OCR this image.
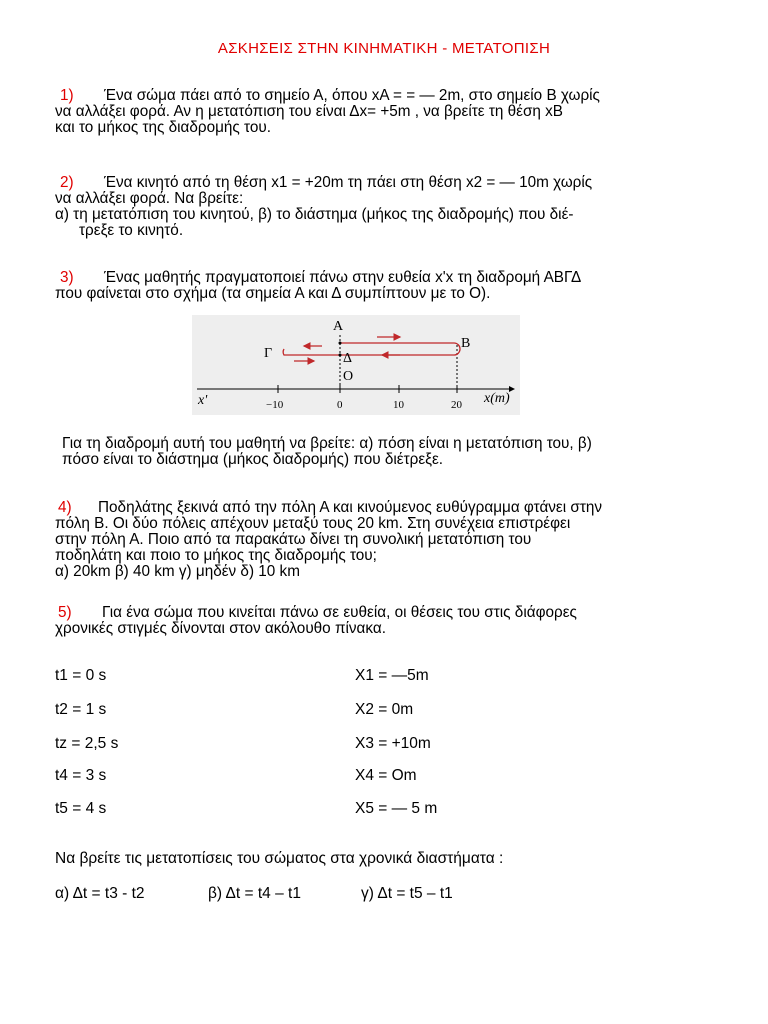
ΑΣΚΗΣΕΙΣ ΣΤΗΝ ΚΙΝΗΜΑΤΙΚΗ - ΜΕΤΑΤΟΠΙΣΗ
1) Ένα σώμα πάει από το σημείο Α, όπου xA = = — 2m, στο σημείο Β χωρίς
να αλλάξει φορά. Αν η μετατόπιση του είναι Δx= +5m , να βρείτε τη θέση xB
και το μήκος της διαδρομής του.
2) Ένα κινητό από τη θέση x1 = +20m τη πάει στη θέση x2 = — 10m χωρίς
να αλλάξει φορά. Να βρείτε:
α) τη μετατόπιση του κινητού, β) το διάστημα (μήκος της διαδρομής) που διέ-
τρεξε το κινητό.
3) Ένας μαθητής πραγματοποιεί πάνω στην ευθεία x'x τη διαδρομή ΑΒΓΔ
που φαίνεται στο σχήμα (τα σημεία Α και Δ συμπίπτουν με το Ο).
Α
Β
Γ	Δ
Ο
x'	x(m)
−10	0	10	20
Για τη διαδρομή αυτή του μαθητή να βρείτε: α) πόση είναι η μετατόπιση του, β)
πόσο είναι το διάστημα (μήκος διαδρομής) που διέτρεξε.
4) Ποδηλάτης ξεκινά από την πόλη Α και κινούμενος ευθύγραμμα φτάνει στην
πόλη Β. Οι δύο πόλεις απέχουν μεταξύ τους 20 km. Στη συνέχεια επιστρέφει
στην πόλη Α. Ποιο από τα παρακάτω δίνει τη συνολική μετατόπιση του
ποδηλάτη και ποιο το μήκος της διαδρομής του;
α) 20km β) 40 km γ) μηδέν δ) 10 km
5) Για ένα σώμα που κινείται πάνω σε ευθεία, οι θέσεις του στις διάφορες
χρονικές στιγμές δίνονται στον ακόλουθο πίνακα.
t1 = 0 s	X1 = —5m
t2 = 1 s	X2 = 0m
tz = 2,5 s	X3 = +10m
t4 = 3 s	X4 = Om
t5 = 4 s	X5 = — 5 m
Να βρείτε τις μετατοπίσεις του σώματος στα χρονικά διαστήματα :
α) Δt = t3 - t2	β) Δt = t4 – t1	γ) Δt = t5 – t1
